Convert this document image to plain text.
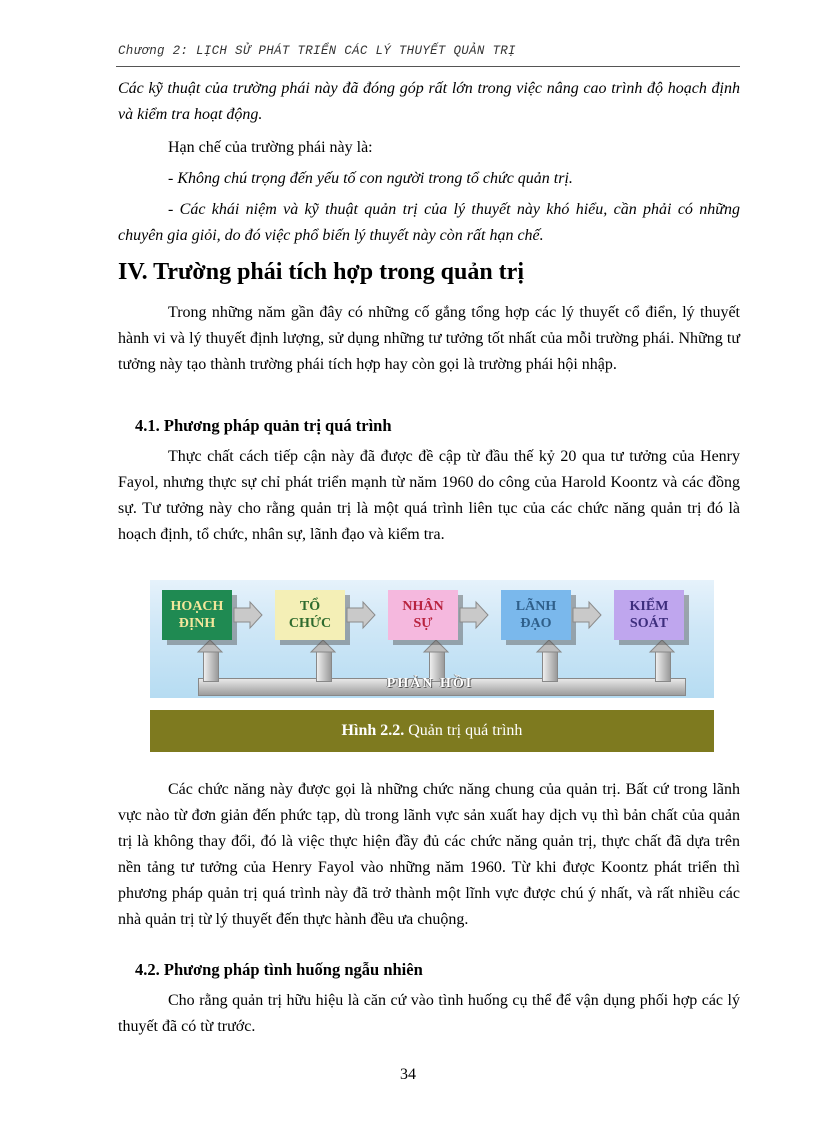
Chương 2: LỊCH SỬ PHÁT TRIỂN CÁC LÝ THUYẾT QUẢN TRỊ

Các kỹ thuật của trường phái này đã đóng góp rất lớn trong việc nâng cao trình độ hoạch định và kiểm tra hoạt động.

Hạn chế của trường phái này là:

- Không chú trọng đến yếu tố con người trong tổ chức quản trị.

- Các khái niệm và kỹ thuật quản trị của lý thuyết này khó hiểu, cần phải có những chuyên gia giỏi, do đó việc phổ biến lý thuyết này còn rất hạn chế.

IV. Trường phái tích hợp trong quản trị

Trong những năm gần đây có những cố gắng tổng hợp các lý thuyết cổ điển, lý thuyết hành vi và lý thuyết định lượng, sử dụng những tư tưởng tốt nhất của mỗi trường phái. Những tư tưởng này tạo thành trường phái tích hợp hay còn gọi là trường phái hội nhập.

4.1. Phương pháp quản trị quá trình

Thực chất cách tiếp cận này đã được đề cập từ đầu thế kỷ 20 qua tư tưởng của Henry Fayol, nhưng thực sự chỉ phát triển mạnh từ năm 1960 do công của Harold Koontz và các đồng sự. Tư tưởng này cho rằng quản trị là một quá trình liên tục của các chức năng quản trị đó là hoạch định, tổ chức, nhân sự, lãnh đạo và kiểm tra.

PHẢN HỒI
HOẠCH
ĐỊNH
TỔ
CHỨC
NHÂN
SỰ
LÃNH
ĐẠO
KIỂM
SOÁT
Hình 2.2. Quản trị quá trình

Các chức năng này được gọi là những chức năng chung của quản trị. Bất cứ trong lãnh vực nào từ đơn giản đến phức tạp, dù trong lãnh vực sản xuất hay dịch vụ thì bản chất của quản trị là không thay đổi, đó là việc thực hiện đầy đủ các chức năng quản trị, thực chất đã dựa trên nền tảng tư tưởng của Henry Fayol vào những năm 1960. Từ khi được Koontz phát triển thì phương pháp quản trị quá trình này đã trở thành một lĩnh vực được chú ý nhất, và rất nhiều các nhà quản trị từ lý thuyết đến thực hành đều ưa chuộng.

4.2. Phương pháp tình huống ngẫu nhiên

Cho rằng quản trị hữu hiệu là căn cứ vào tình huống cụ thể để vận dụng phối hợp các lý thuyết đã có từ trước.

34
